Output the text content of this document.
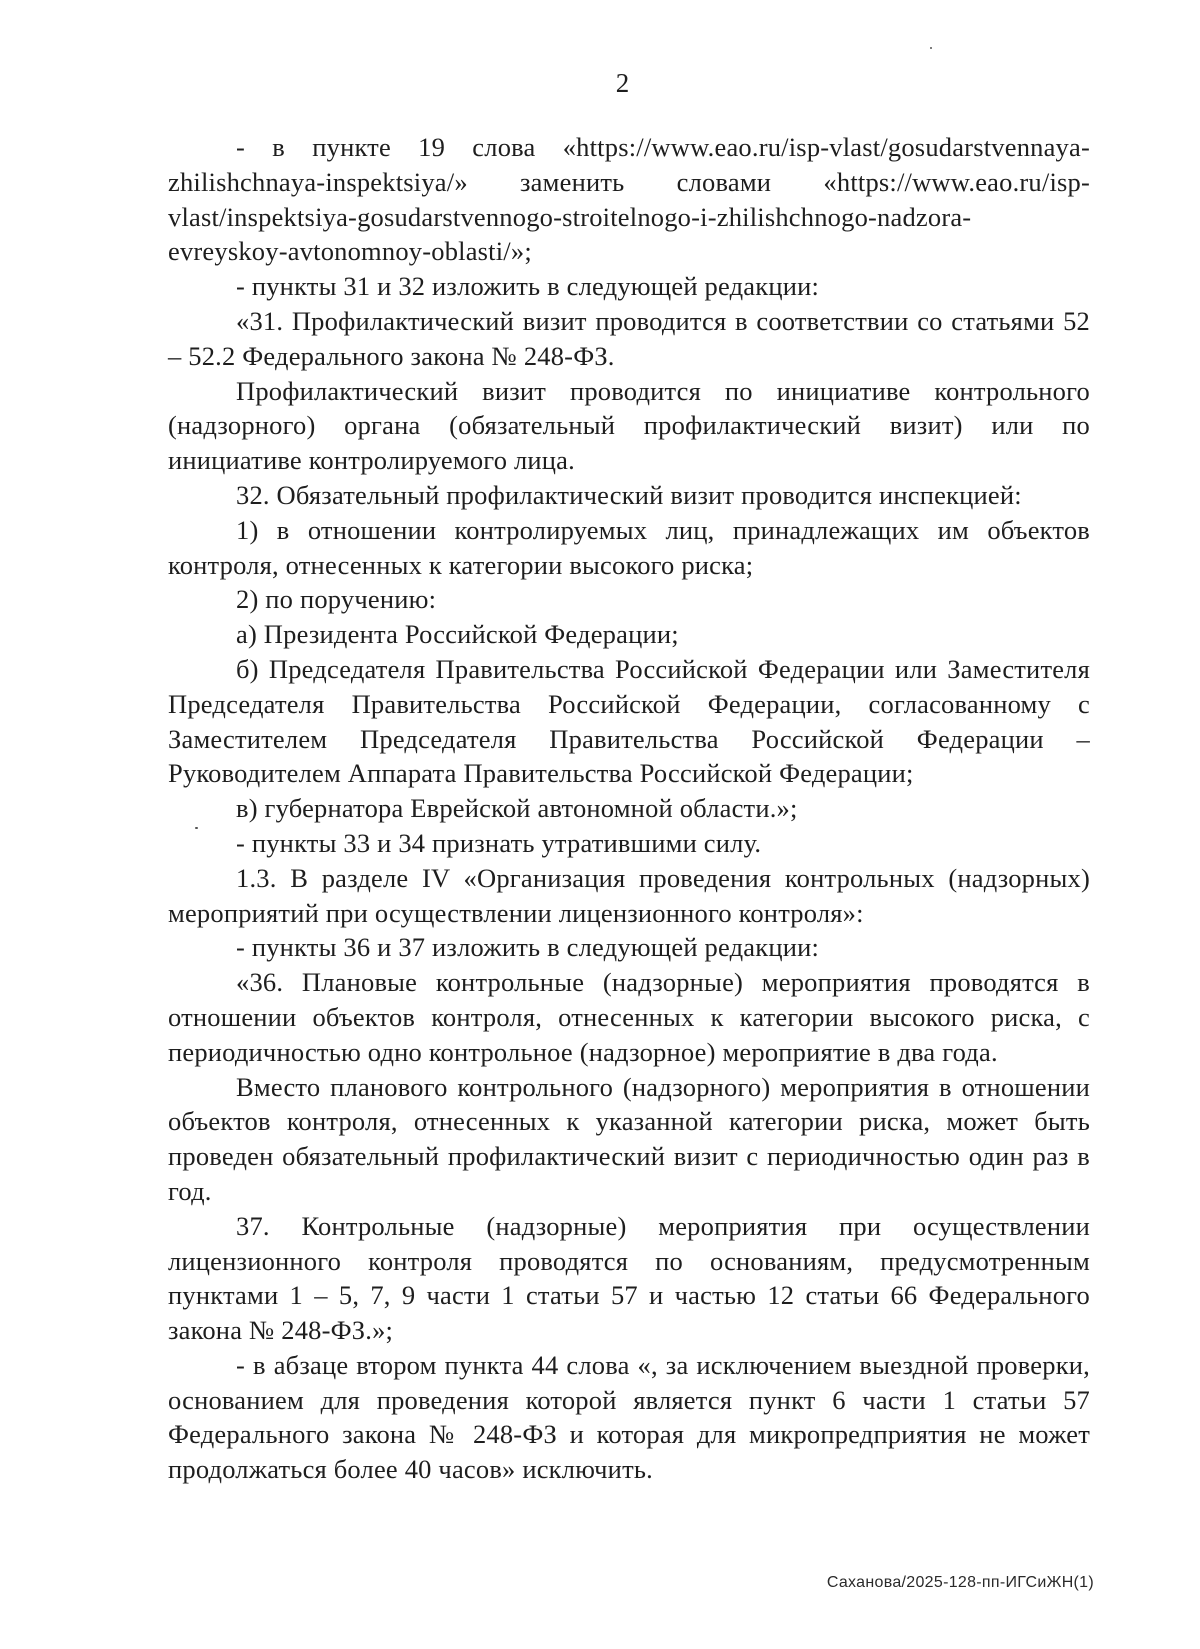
2

- в пункте 19 слова «https://www.eao.ru/isp-vlast/gosudarstvennaya-zhilishchnaya-inspektsiya/» заменить словами «https://www.eao.ru/isp-vlast/inspektsiya-gosudarstvennogo-stroitelnogo-i-zhilishchnogo-nadzora-evreyskoy-avtonomnoy-oblasti/»;

- пункты 31 и 32 изложить в следующей редакции:

«31. Профилактический визит проводится в соответствии со статьями 52 – 52.2 Федерального закона № 248-ФЗ.

Профилактический визит проводится по инициативе контрольного (надзорного) органа (обязательный профилактический визит) или по инициативе контролируемого лица.

32. Обязательный профилактический визит проводится инспекцией:

1) в отношении контролируемых лиц, принадлежащих им объектов контроля, отнесенных к категории высокого риска;

2) по поручению:

а) Президента Российской Федерации;

б) Председателя Правительства Российской Федерации или Заместителя Председателя Правительства Российской Федерации, согласованному с Заместителем Председателя Правительства Российской Федерации – Руководителем Аппарата Правительства Российской Федерации;

в) губернатора Еврейской автономной области.»;

- пункты 33 и 34 признать утратившими силу.

1.3. В разделе IV «Организация проведения контрольных (надзорных) мероприятий при осуществлении лицензионного контроля»:

- пункты 36 и 37 изложить в следующей редакции:

«36. Плановые контрольные (надзорные) мероприятия проводятся в отношении объектов контроля, отнесенных к категории высокого риска, с периодичностью одно контрольное (надзорное) мероприятие в два года.

Вместо планового контрольного (надзорного) мероприятия в отношении объектов контроля, отнесенных к указанной категории риска, может быть проведен обязательный профилактический визит с периодичностью один раз в год.

37. Контрольные (надзорные) мероприятия при осуществлении лицензионного контроля проводятся по основаниям, предусмотренным пунктами 1 – 5, 7, 9 части 1 статьи 57 и частью 12 статьи 66 Федерального закона № 248-ФЗ.»;

- в абзаце втором пункта 44 слова «, за исключением выездной проверки, основанием для проведения которой является пункт 6 части 1 статьи 57 Федерального закона № 248-ФЗ и которая для микропредприятия не может продолжаться более 40 часов» исключить.

Саханова/2025-128-пп-ИГСиЖН(1)
